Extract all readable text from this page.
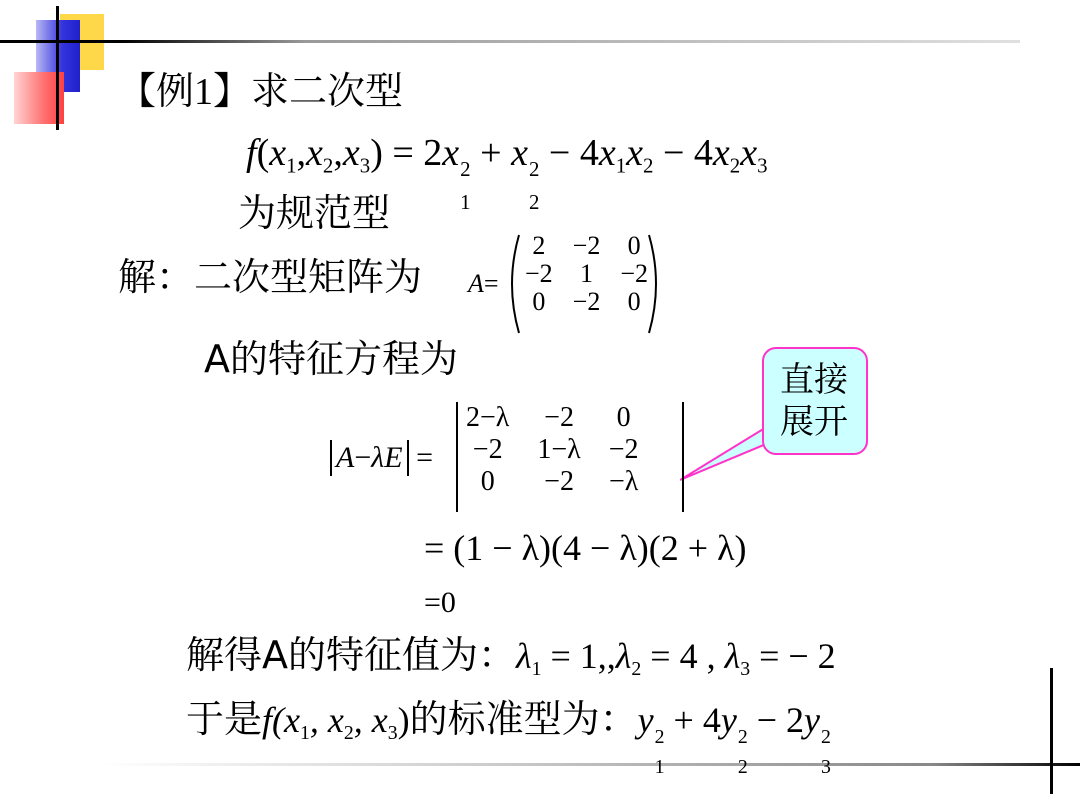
【例1】求二次型
$f(x_1,x_2,x_3) = 2x$ 2
1
+ x 2
2
− $4x_1x_2 - 4x_2x_3$
为规范型
解：二次型矩阵为 A=
2	−2	0
−2	1	−2
0	−2	0
A的特征方程为	直接
展开
A−λE =
2−λ	−2	0
−2	1−λ	−2
0	−2	−λ
= (1 − λ)(4 − λ)(2 + λ)
=0
解得A的特征值为：$\lambda_1 = 1,,\lambda_2 = 4$ , $\lambda_3$ = − 2
于是$f(x_1$, $x_2$, $x_3$)的标准型为：y 2
1
+ 4y 2
2
− 2y 2
3
